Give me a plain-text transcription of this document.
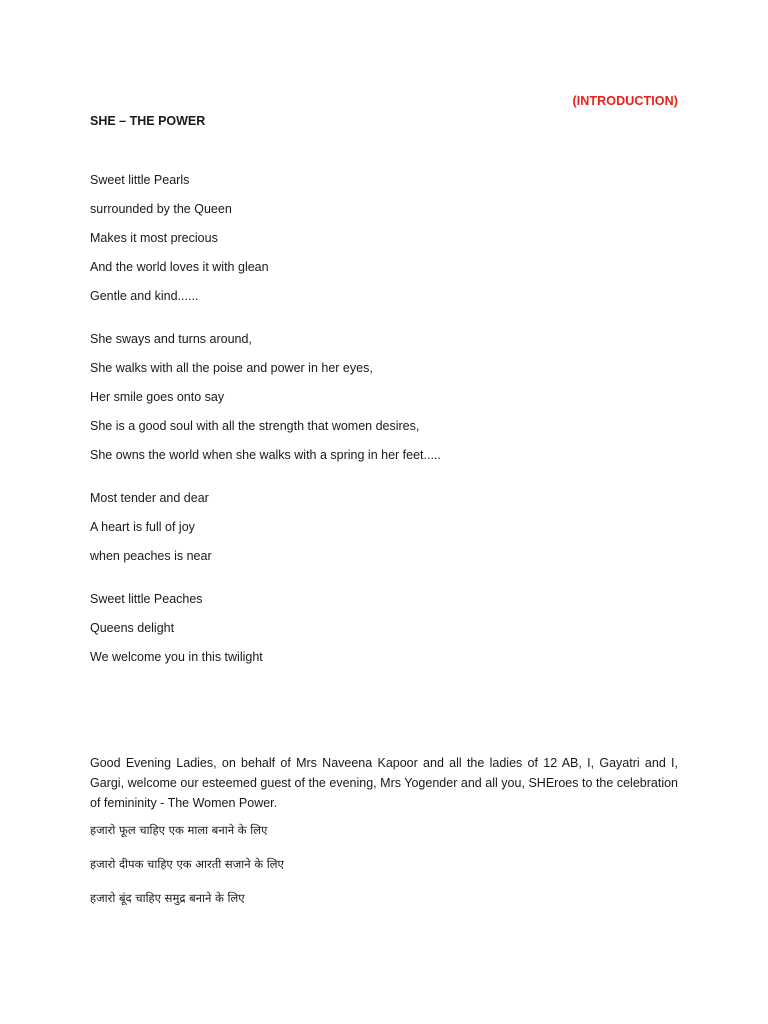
(INTRODUCTION)
SHE – THE POWER
Sweet little Pearls
surrounded by the Queen
Makes it most precious
And the world loves it with glean
Gentle and kind......
She sways and turns around,
She walks with all the poise and power in her eyes,
Her smile goes onto say
She is a good soul with all the strength that women desires,
She owns the world when she walks with a spring in her feet.....
Most tender and dear
A heart is full of joy
when peaches is near
Sweet little Peaches
Queens delight
We welcome you in this twilight

Good Evening Ladies, on behalf of Mrs Naveena Kapoor and all the ladies of 12 AB, I, Gayatri and I, Gargi, welcome our esteemed guest of the evening, Mrs Yogender and all you, SHEroes to the celebration of femininity - The Women Power.

हजारो फूल चाहिए एक माला बनाने के लिए
हजारो दीपक चाहिए एक आरती सजाने के लिए
हजारो बूंद चाहिए समुद्र बनाने के लिए
